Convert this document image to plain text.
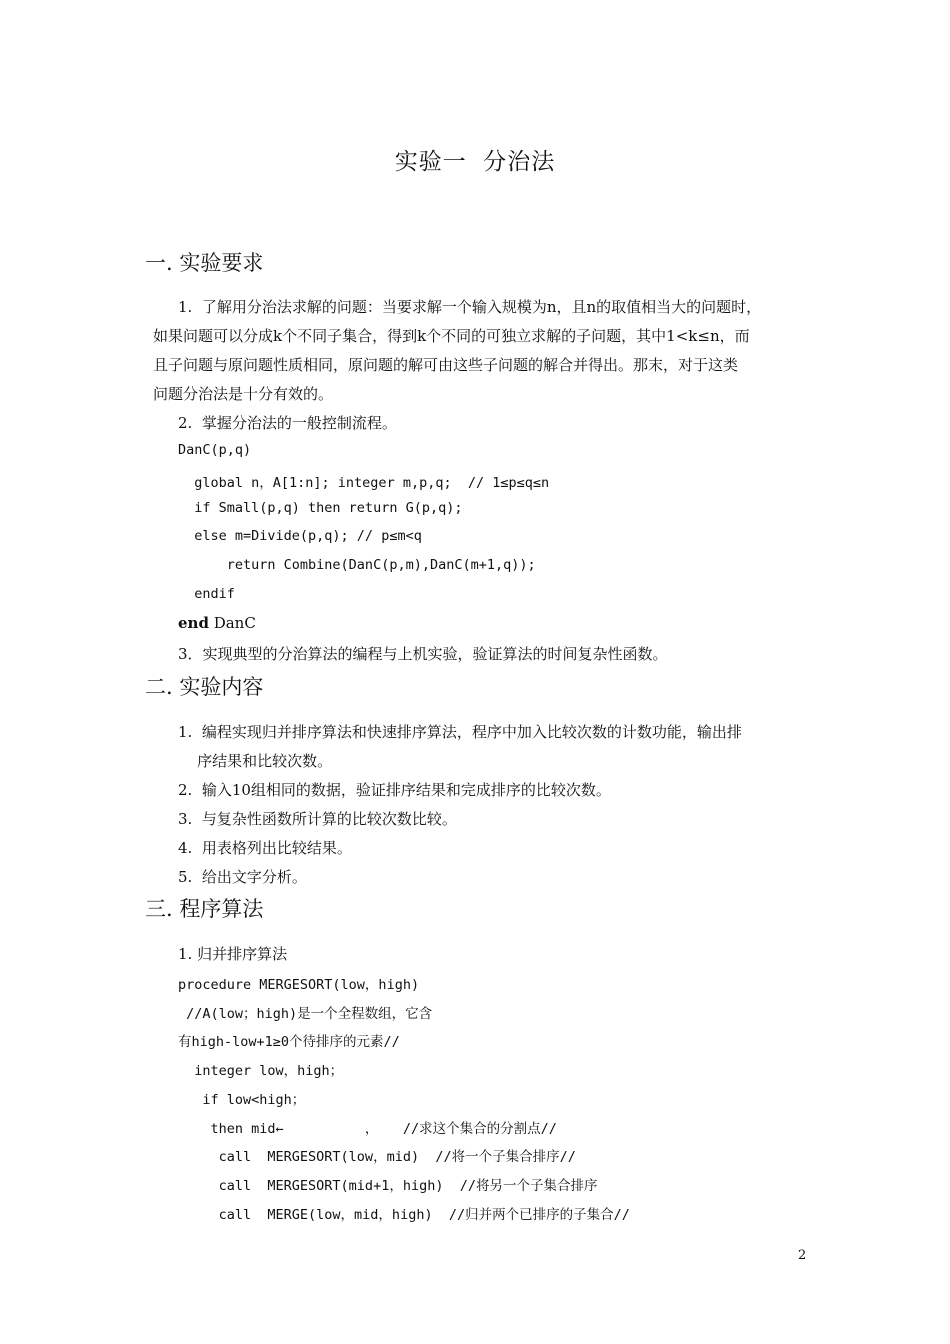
实验一  分治法
一. 实验要求
1.  了解用分治法求解的问题：当要求解一个输入规模为n，且n的取值相当大的问题时，
如果问题可以分成k个不同子集合，得到k个不同的可独立求解的子问题，其中1<k≤n，而
且子问题与原问题性质相同，原问题的解可由这些子问题的解合并得出。那末，对于这类
问题分治法是十分有效的。
2.  掌握分治法的一般控制流程。
DanC(p,q)
global n，A[1:n]; integer m,p,q;  // 1≤p≤q≤n
if Small(p,q) then return G(p,q);
else m=Divide(p,q); // p≤m<q
return Combine(DanC(p,m),DanC(m+1,q));
endif
end DanC
3．实现典型的分治算法的编程与上机实验，验证算法的时间复杂性函数。
二. 实验内容
1.  编程实现归并排序算法和快速排序算法，程序中加入比较次数的计数功能，输出排
序结果和比较次数。
2.  输入10组相同的数据，验证排序结果和完成排序的比较次数。
3.  与复杂性函数所计算的比较次数比较。
4.  用表格列出比较结果。
5.  给出文字分析。
三. 程序算法
1. 归并排序算法
procedure MERGESORT(low，high)
//A(low；high)是一个全程数组，它含
有high-low+1≥0个待排序的元素//
integer low，high；
if low<high；
then mid←          ，   //求这个集合的分割点//
call  MERGESORT(low，mid)  //将一个子集合排序//
call  MERGESORT(mid+1，high)  //将另一个子集合排序
call  MERGE(low，mid，high)  //归并两个已排序的子集合//
2
